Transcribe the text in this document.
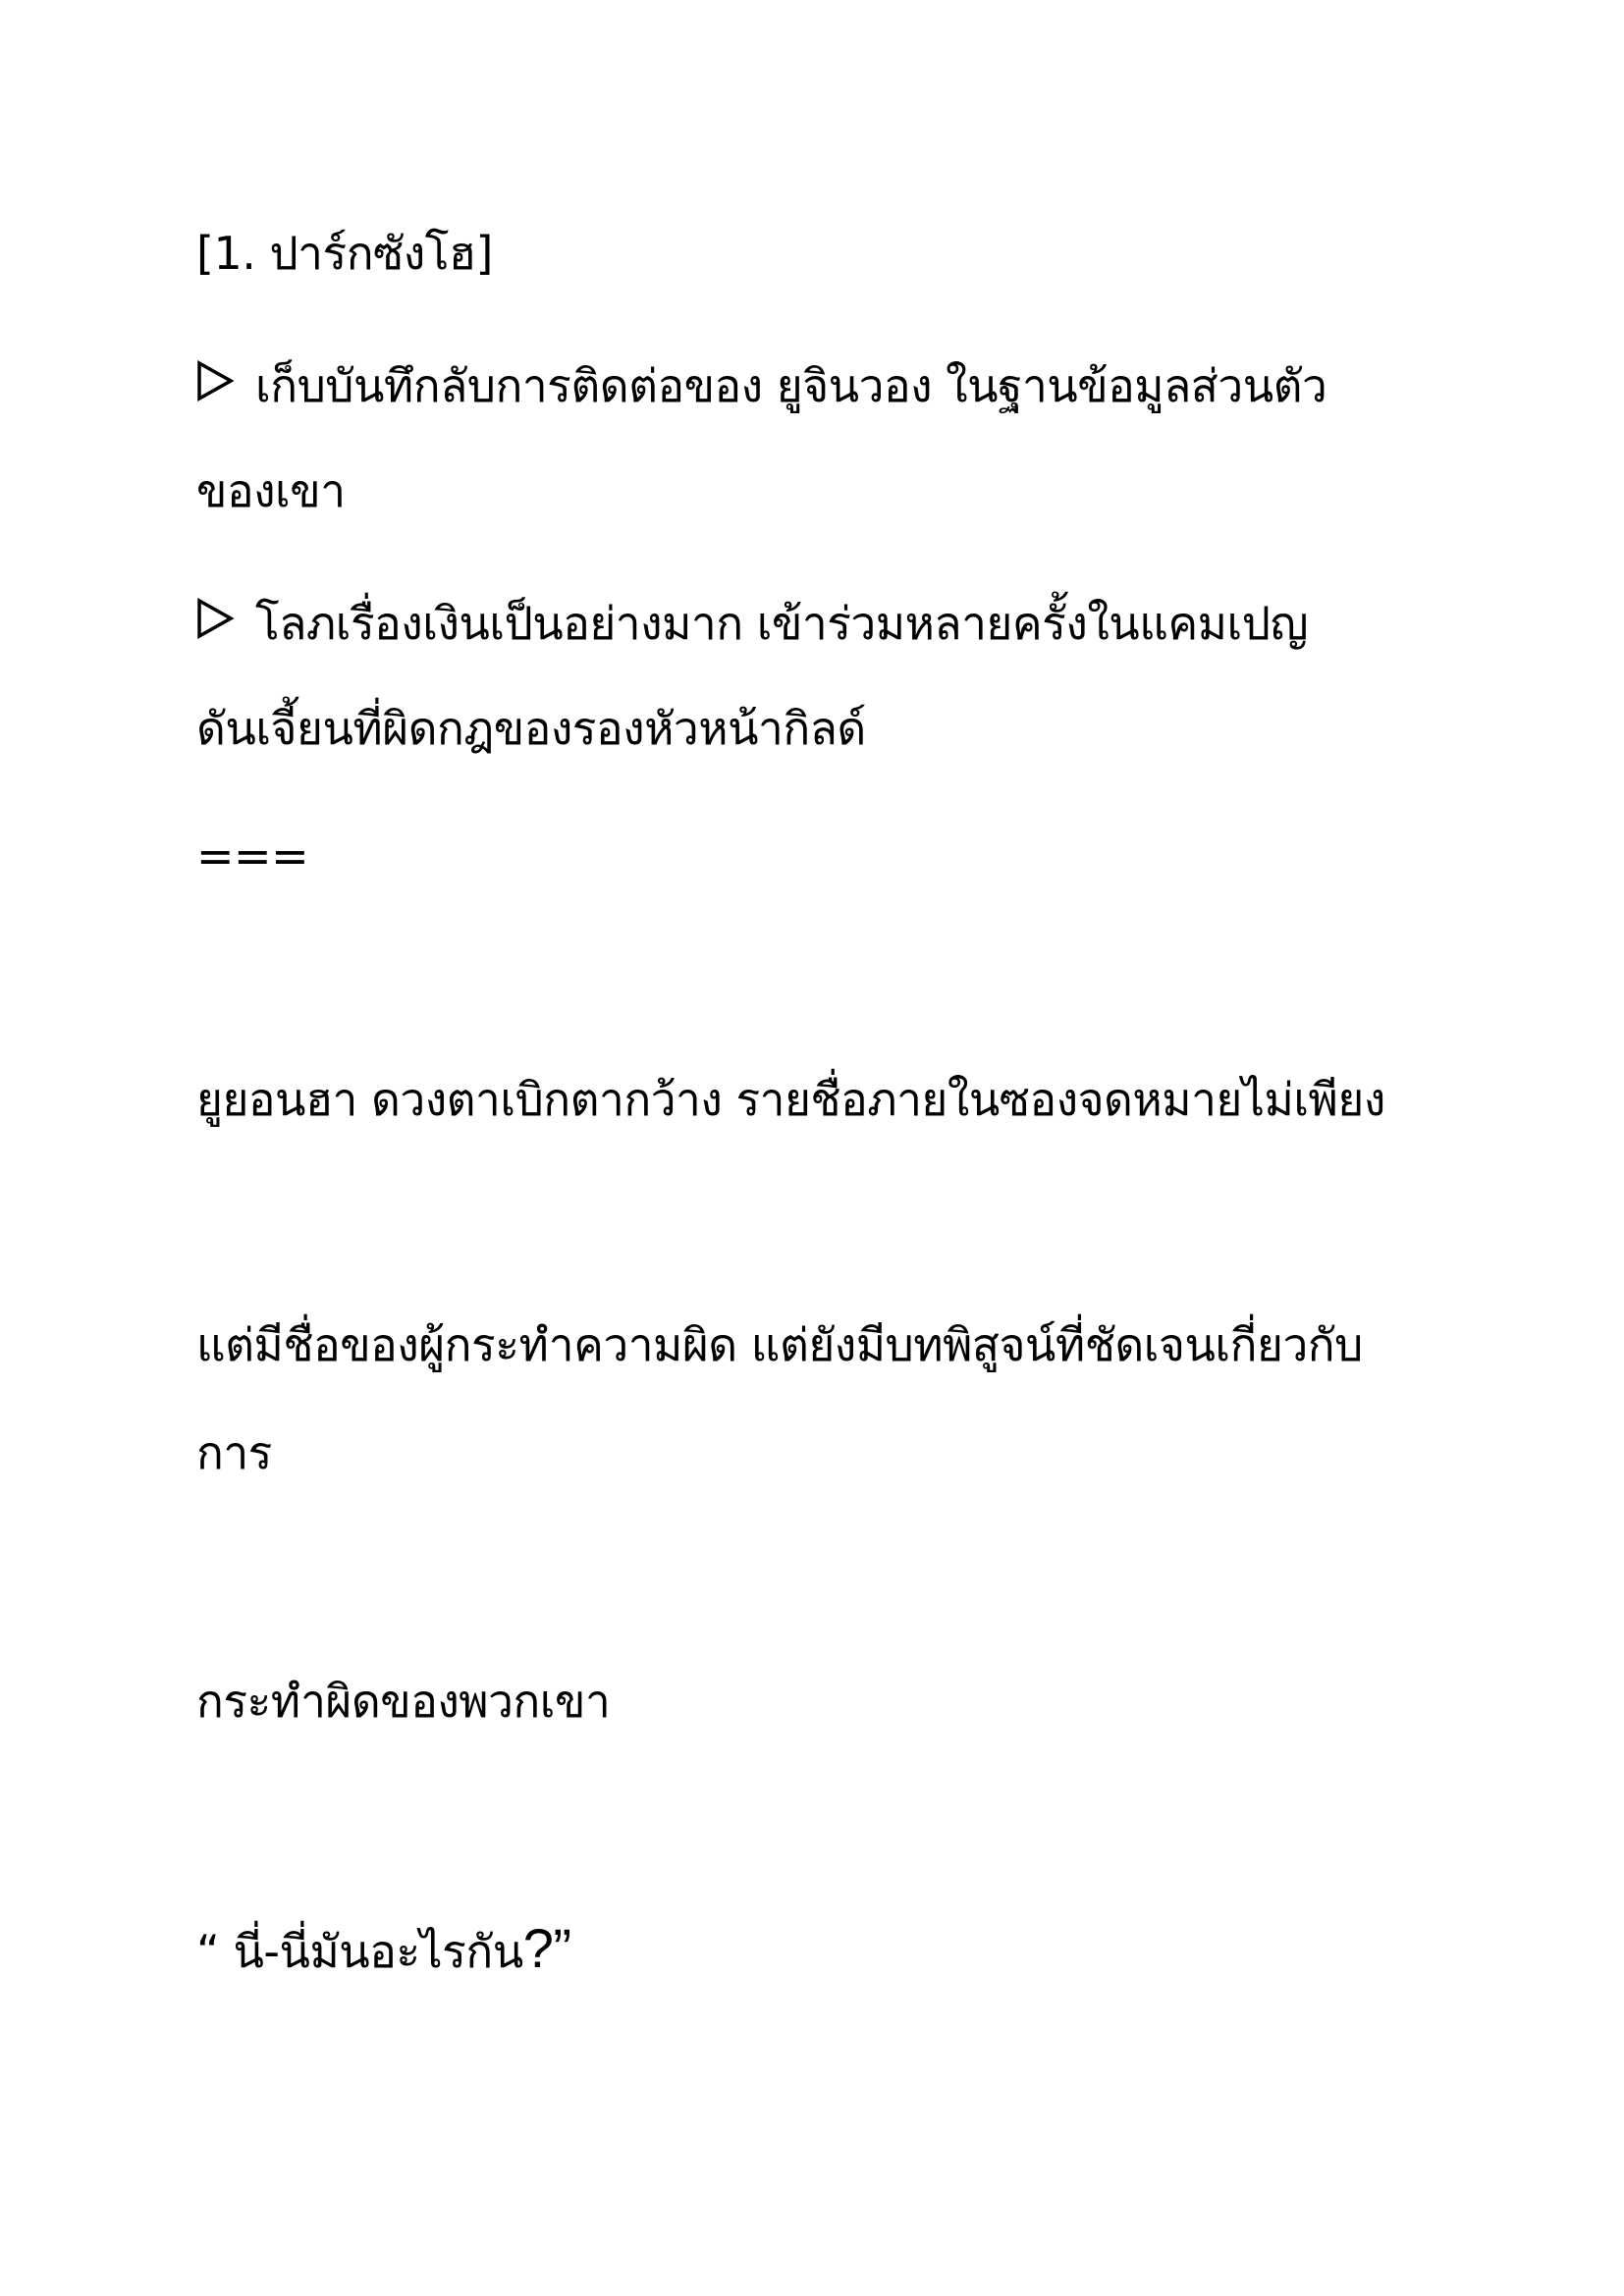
[1. ปาร์กซังโฮ]
เก็บบันทึกลับการติดต่อของ ยูจินวอง ในฐานข้อมูลส่วนตัว
ของเขา
โลภเรื่องเงินเป็นอย่างมาก เข้าร่วมหลายครั้งในแคมเปญ
ดันเจี้ยนที่ผิดกฎของรองหัวหน้ากิลด์
===
ยูยอนฮา ดวงตาเบิกตากว้าง รายชื่อภายในซองจดหมายไม่เพียง
แต่มีชื่อของผู้กระทำความผิด แต่ยังมีบทพิสูจน์ที่ชัดเจนเกี่ยวกับ
การ
กระทำผิดของพวกเขา
“ นี่-นี่มันอะไรกัน?”
